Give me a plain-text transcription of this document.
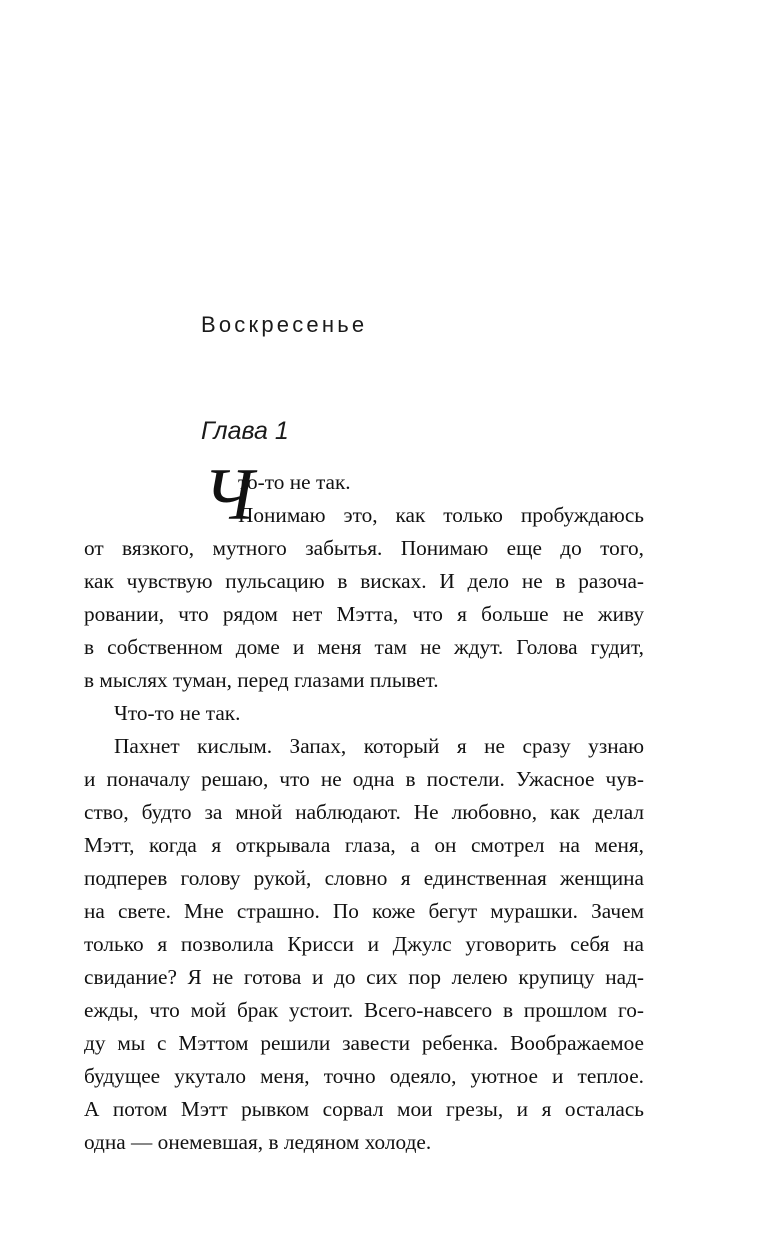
Воскресенье
Глава 1
Ч
то-то не так.
Понимаю это, как только пробуждаюсь
от вязкого, мутного забытья. Понимаю еще до того,
как чувствую пульсацию в висках. И дело не в разоча-
ровании, что рядом нет Мэтта, что я больше не живу
в собственном доме и меня там не ждут. Голова гудит,
в мыслях туман, перед глазами плывет.
Что-то не так.
Пахнет кислым. Запах, который я не сразу узнаю
и поначалу решаю, что не одна в постели. Ужасное чув-
ство, будто за мной наблюдают. Не любовно, как делал
Мэтт, когда я открывала глаза, а он смотрел на меня,
подперев голову рукой, словно я единственная женщина
на свете. Мне страшно. По коже бегут мурашки. Зачем
только я позволила Крисси и Джулс уговорить себя на
свидание? Я не готова и до сих пор лелею крупицу над-
ежды, что мой брак устоит. Всего-навсего в прошлом го-
ду мы с Мэттом решили завести ребенка. Воображаемое
будущее укутало меня, точно одеяло, уютное и теплое.
А потом Мэтт рывком сорвал мои грезы, и я осталась
одна — онемевшая, в ледяном холоде.
